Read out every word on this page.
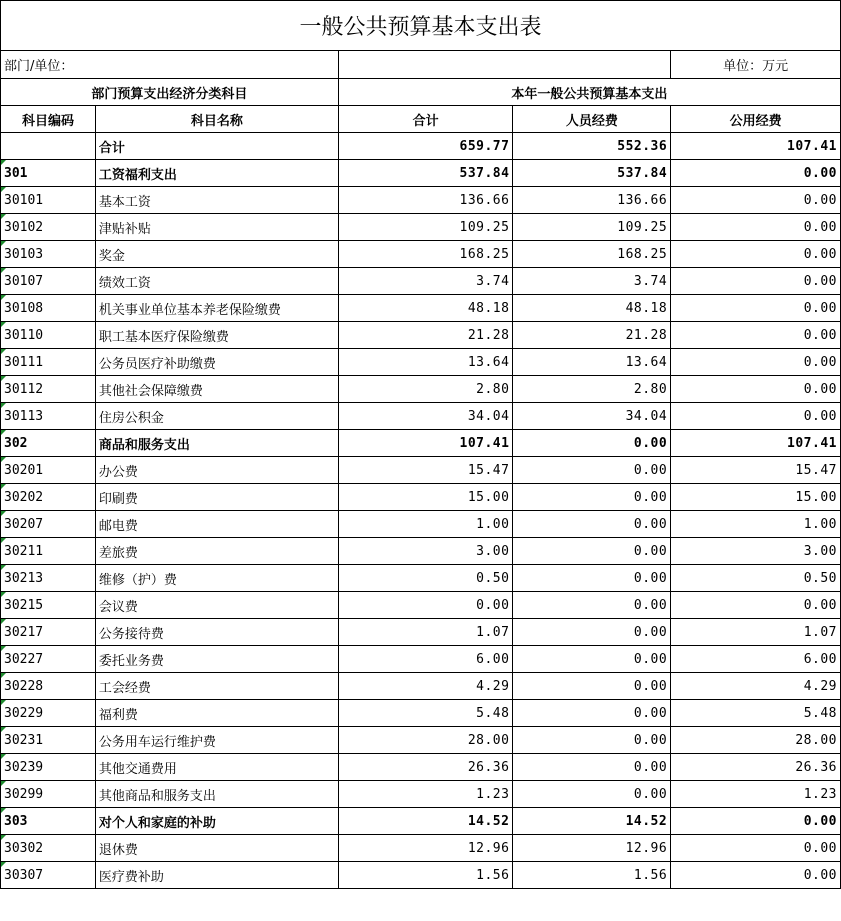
一般公共预算基本支出表				
部门/单位：				单位：万元
部门预算支出经济分类科目		本年一般公共预算基本支出		
科目编码	科目名称	合计	人员经费	公用经费
	合计	659.77	552.36	107.41
301	工资福利支出	537.84	537.84	0.00
30101	基本工资	136.66	136.66	0.00
30102	津贴补贴	109.25	109.25	0.00
30103	奖金	168.25	168.25	0.00
30107	绩效工资	3.74	3.74	0.00
30108	机关事业单位基本养老保险缴费	48.18	48.18	0.00
30110	职工基本医疗保险缴费	21.28	21.28	0.00
30111	公务员医疗补助缴费	13.64	13.64	0.00
30112	其他社会保障缴费	2.80	2.80	0.00
30113	住房公积金	34.04	34.04	0.00
302	商品和服务支出	107.41	0.00	107.41
30201	办公费	15.47	0.00	15.47
30202	印刷费	15.00	0.00	15.00
30207	邮电费	1.00	0.00	1.00
30211	差旅费	3.00	0.00	3.00
30213	维修（护）费	0.50	0.00	0.50
30215	会议费	0.00	0.00	0.00
30217	公务接待费	1.07	0.00	1.07
30227	委托业务费	6.00	0.00	6.00
30228	工会经费	4.29	0.00	4.29
30229	福利费	5.48	0.00	5.48
30231	公务用车运行维护费	28.00	0.00	28.00
30239	其他交通费用	26.36	0.00	26.36
30299	其他商品和服务支出	1.23	0.00	1.23
303	对个人和家庭的补助	14.52	14.52	0.00
30302	退休费	12.96	12.96	0.00
30307	医疗费补助	1.56	1.56	0.00
